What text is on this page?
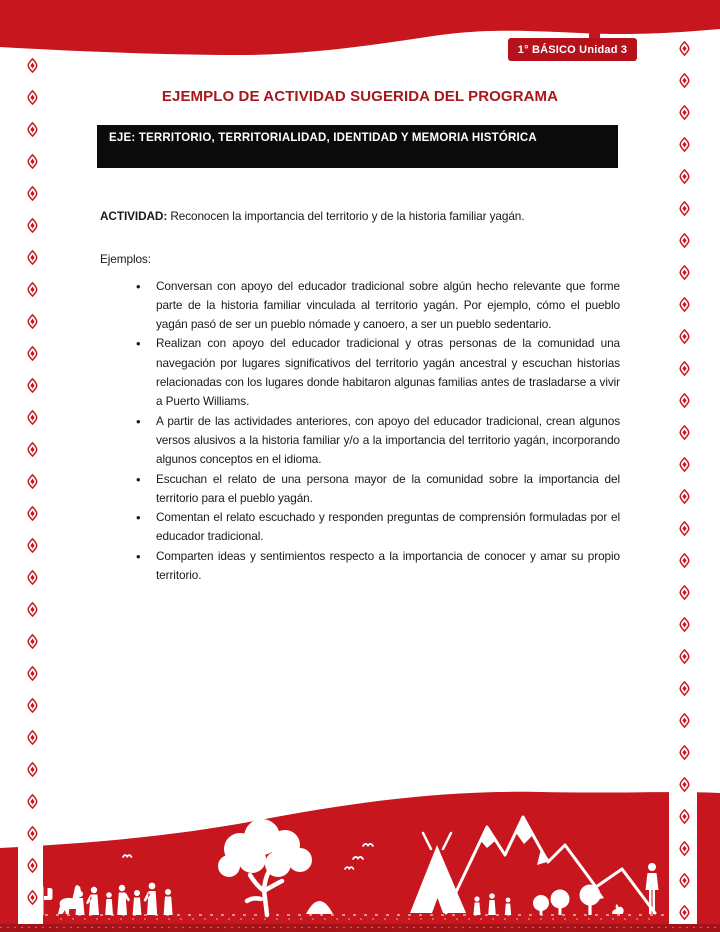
1° BÁSICO Unidad 3
EJEMPLO DE ACTIVIDAD SUGERIDA DEL PROGRAMA
EJE: TERRITORIO, TERRITORIALIDAD, IDENTIDAD Y MEMORIA HISTÓRICA

ACTIVIDAD: Reconocen la importancia del territorio y de la historia familiar yagán.

Ejemplos:

• Conversan con apoyo del educador tradicional sobre algún hecho relevante que forme parte de la historia familiar vinculada al territorio yagán. Por ejemplo, cómo el pueblo yagán pasó de ser un pueblo nómade y canoero, a ser un pueblo sedentario.
• Realizan con apoyo del educador tradicional y otras personas de la comunidad una navegación por lugares significativos del territorio yagán ancestral y escuchan historias relacionadas con los lugares donde habitaron algunas familias antes de trasladarse a vivir a Puerto Williams.
• A partir de las actividades anteriores, con apoyo del educador tradicional, crean algunos versos alusivos a la historia familiar y/o a la importancia del territorio yagán, incorporando algunos conceptos en el idioma.
• Escuchan el relato de una persona mayor de la comunidad sobre la importancia del territorio para el pueblo yagán.
• Comentan el relato escuchado y responden preguntas de comprensión formuladas por el educador tradicional.
• Comparten ideas y sentimientos respecto a la importancia de conocer y amar su propio territorio.
